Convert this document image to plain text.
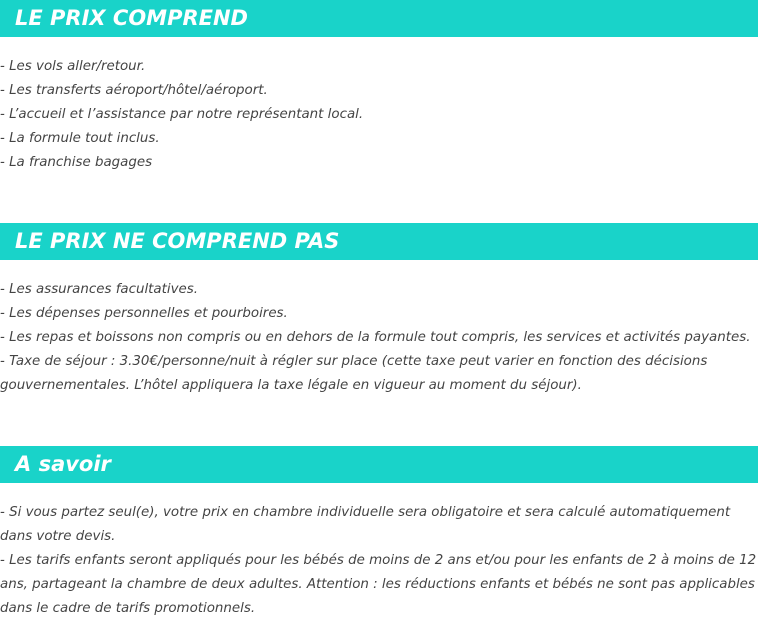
LE PRIX COMPREND
- Les vols aller/retour.
- Les transferts aéroport/hôtel/aéroport.
- L’accueil et l’assistance par notre représentant local.
- La formule tout inclus.
- La franchise bagages
LE PRIX NE COMPREND PAS
- Les assurances facultatives.
- Les dépenses personnelles et pourboires.
- Les repas et boissons non compris ou en dehors de la formule tout compris, les services et activités payantes.
- Taxe de séjour : 3.30€/personne/nuit à régler sur place (cette taxe peut varier en fonction des décisions gouvernementales. L’hôtel appliquera la taxe légale en vigueur au moment du séjour).
A savoir
- Si vous partez seul(e), votre prix en chambre individuelle sera obligatoire et sera calculé automatiquement dans votre devis.
- Les tarifs enfants seront appliqués pour les bébés de moins de 2 ans et/ou pour les enfants de 2 à moins de 12 ans, partageant la chambre de deux adultes. Attention : les réductions enfants et bébés ne sont pas applicables dans le cadre de tarifs promotionnels.
